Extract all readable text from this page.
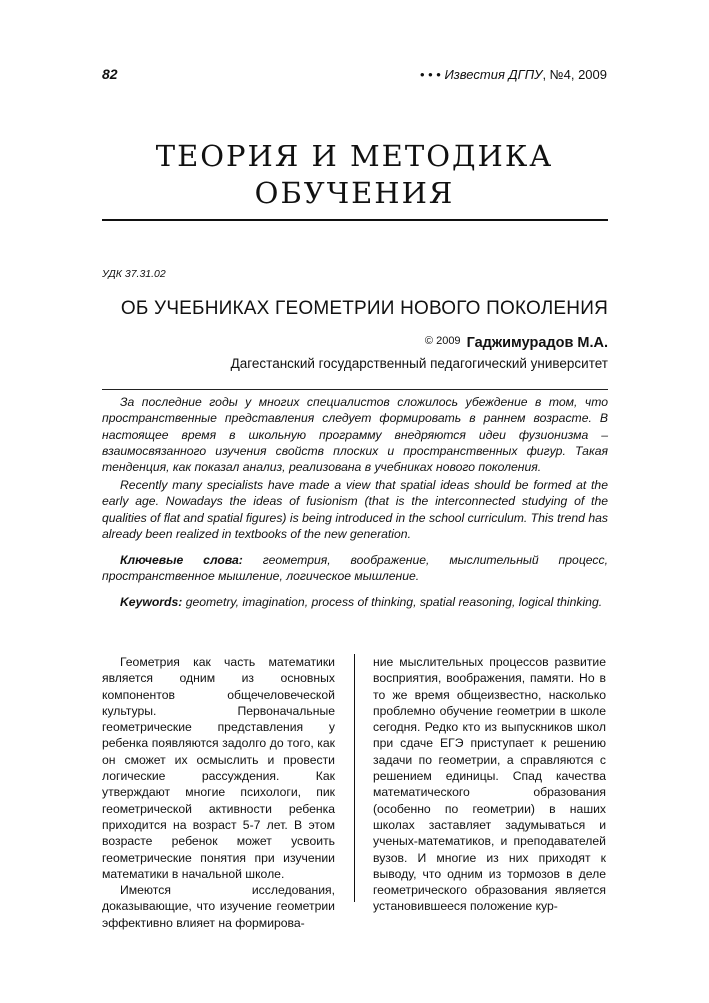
82	• • • Известия ДГПУ, №4, 2009
ТЕОРИЯ И МЕТОДИКА
ОБУЧЕНИЯ
УДК 37.31.02
ОБ УЧЕБНИКАХ ГЕОМЕТРИИ НОВОГО ПОКОЛЕНИЯ
© 2009 Гаджимурадов М.А.
Дагестанский государственный педагогический университет

За последние годы у многих специалистов сложилось убеждение в том, что пространственные представления следует формировать в раннем возрасте. В настоящее время в школьную программу внедряются идеи фузионизма – взаимосвязанного изучения свойств плоских и пространственных фигур. Такая тенденция, как показал анализ, реализована в учебниках нового поколения.

Recently many specialists have made a view that spatial ideas should be formed at the early age. Nowadays the ideas of fusionism (that is the interconnected studying of the qualities of flat and spatial figures) is being introduced in the school curriculum. This trend has already been realized in textbooks of the new generation.

Ключевые слова: геометрия, воображение, мыслительный процесс, пространственное мышление, логическое мышление.

Keywords: geometry, imagination, process of thinking, spatial reasoning, logical thinking.

Геометрия как часть математики является одним из основных компонентов общечеловеческой культуры. Первоначальные геометрические представления у ребенка появляются задолго до того, как он сможет их осмыслить и провести логические рассуждения. Как утверждают многие психологи, пик геометрической активности ребенка приходится на возраст 5-7 лет. В этом возрасте ребенок может усвоить геометрические понятия при изучении математики в начальной школе.

Имеются исследования, доказывающие, что изучение геометрии эффективно влияет на формирова-

ние мыслительных процессов развитие восприятия, воображения, памяти. Но в то же время общеизвестно, насколько проблемно обучение геометрии в школе сегодня. Редко кто из выпускников школ при сдаче ЕГЭ приступает к решению задачи по геометрии, а справляются с решением единицы. Спад качества математического образования (особенно по геометрии) в наших школах заставляет задумываться и ученых-математиков, и преподавателей вузов. И многие из них приходят к выводу, что одним из тормозов в деле геометрического образования является установившееся положение кур-
